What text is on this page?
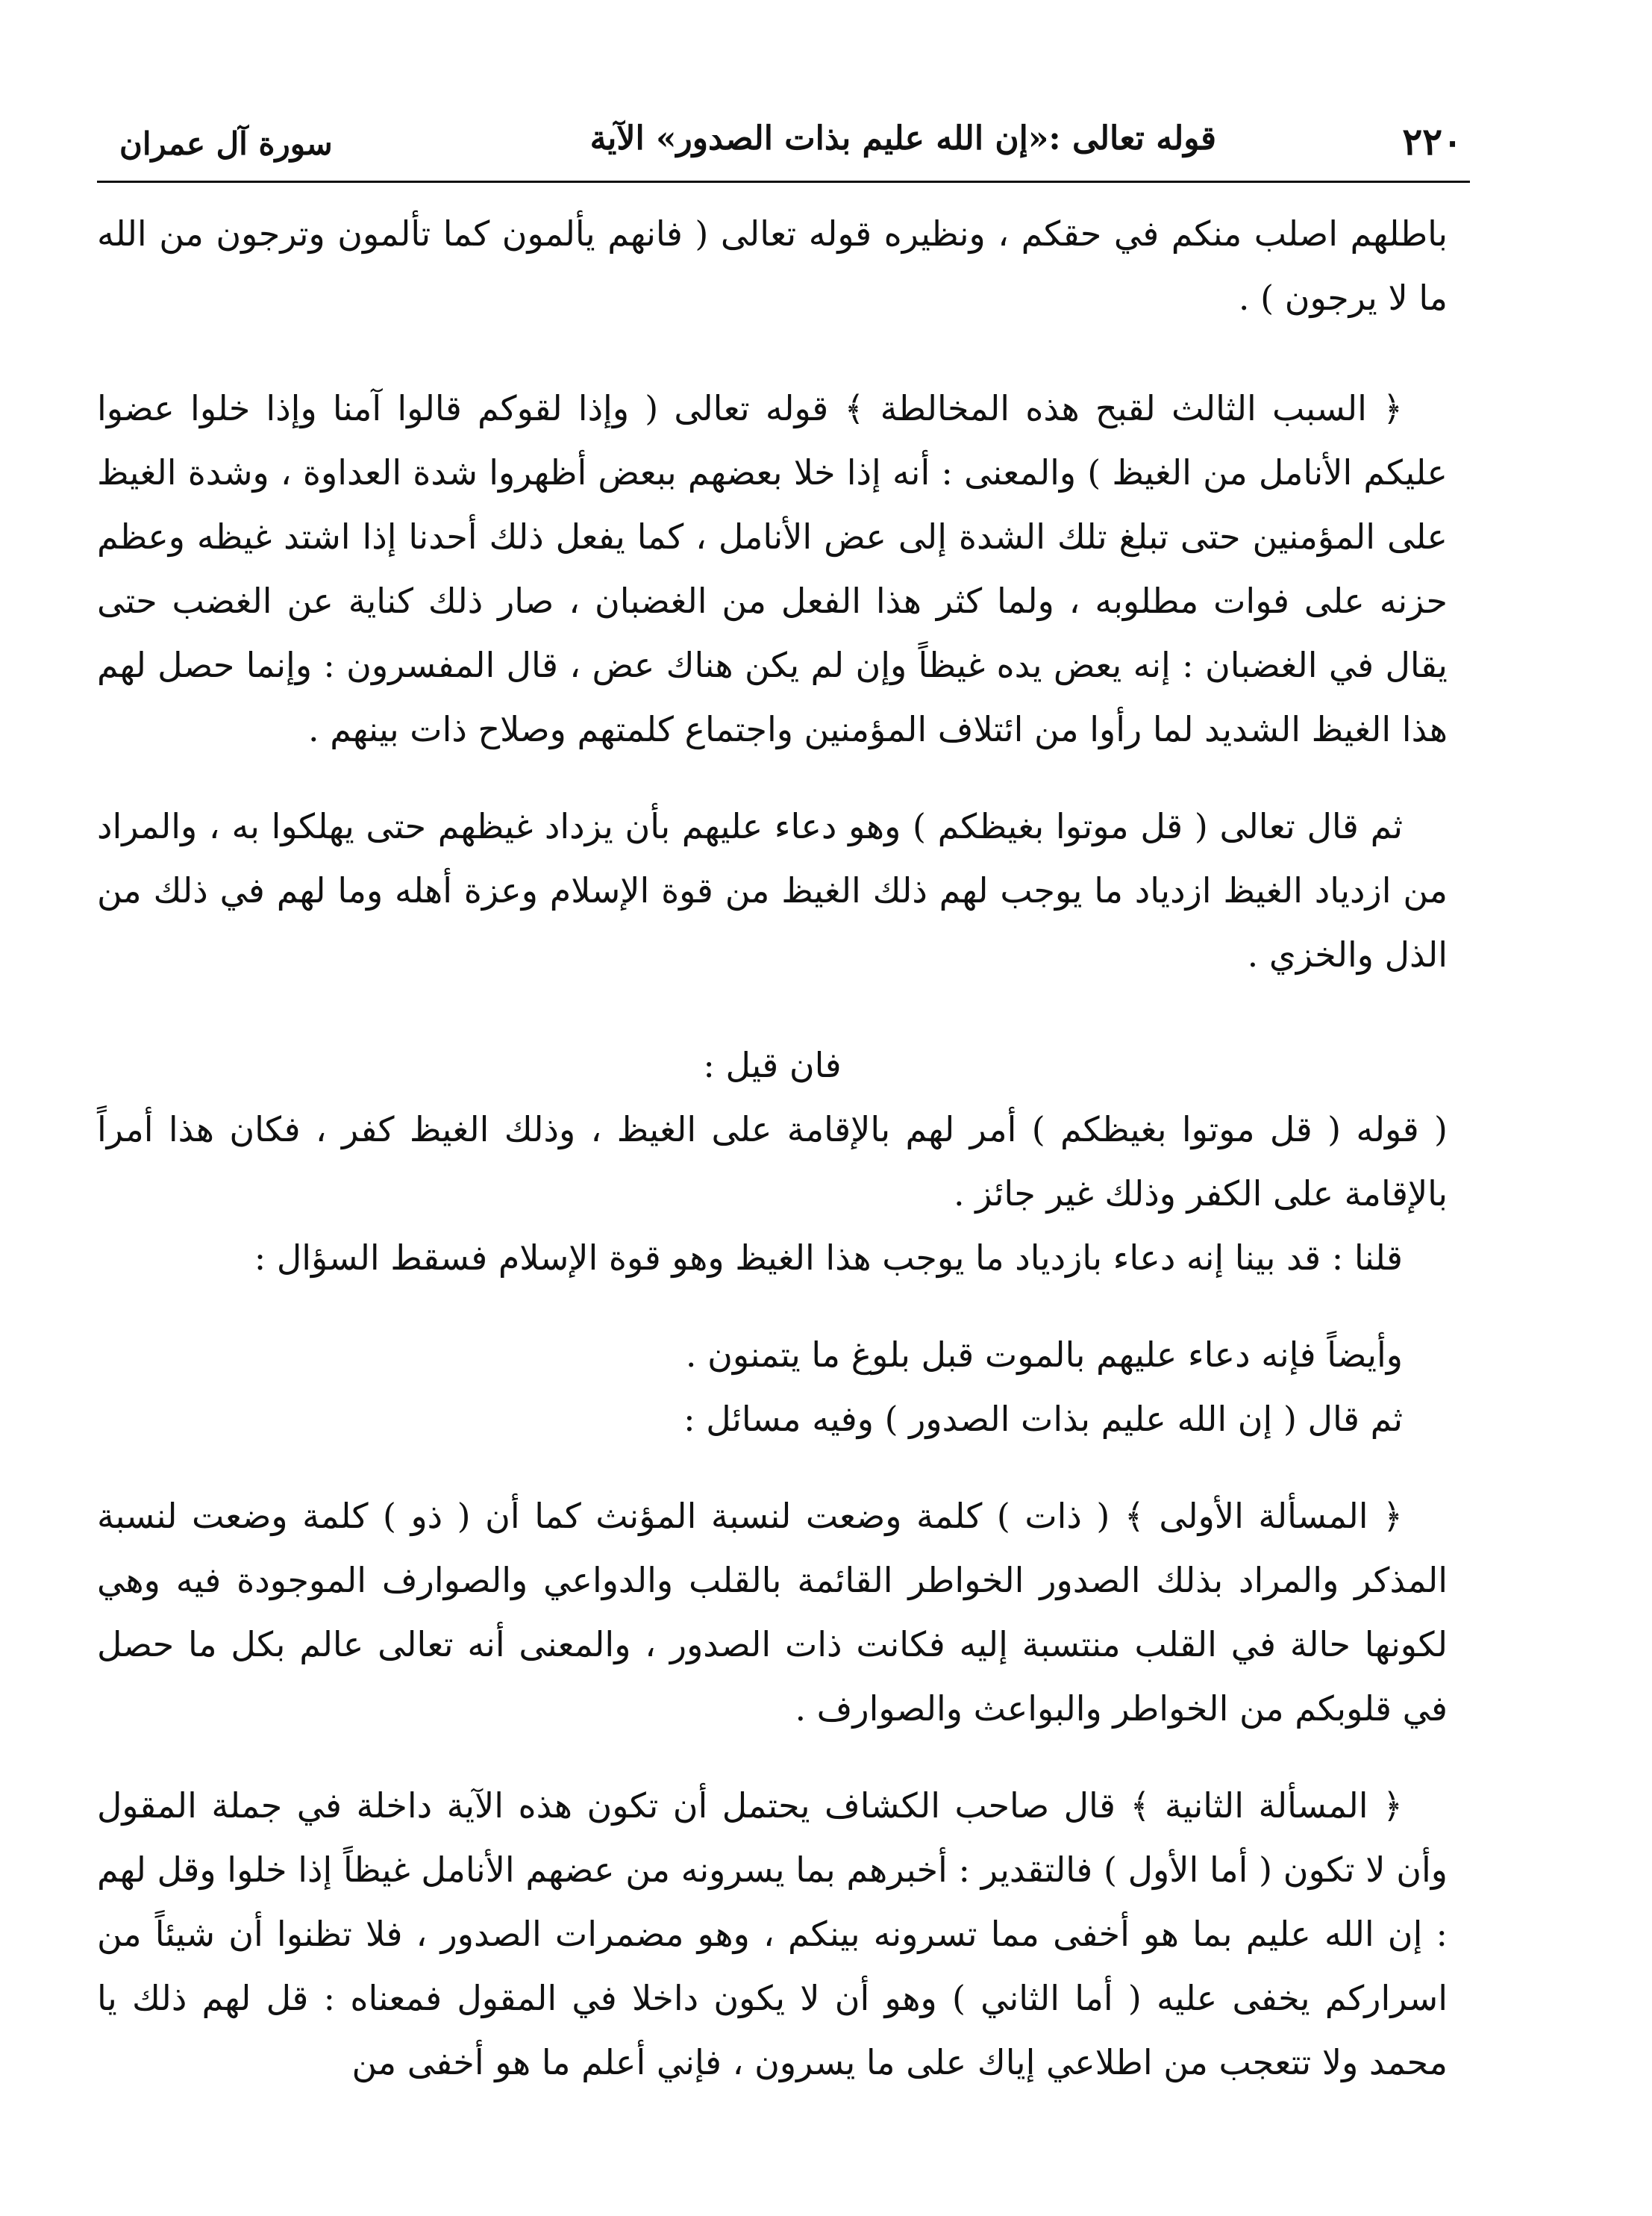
٢٢٠
قوله تعالى :«إن الله عليم بذات الصدور» الآية
سورة آل عمران

باطلهم اصلب منكم في حقكم ، ونظيره قوله تعالى ( فانهم يألمون كما تألمون وترجون من الله ما لا يرجون ) .

﴿ السبب الثالث لقبح هذه المخالطة ﴾ قوله تعالى ( وإذا لقوكم قالوا آمنا وإذا خلوا عضوا عليكم الأنامل من الغيظ ) والمعنى : أنه إذا خلا بعضهم ببعض أظهروا شدة العداوة ، وشدة الغيظ على المؤمنين حتى تبلغ تلك الشدة إلى عض الأنامل ، كما يفعل ذلك أحدنا إذا اشتد غيظه وعظم حزنه على فوات مطلوبه ، ولما كثر هذا الفعل من الغضبان ، صار ذلك كناية عن الغضب حتى يقال في الغضبان : إنه يعض يده غيظاً وإن لم يكن هناك عض ، قال المفسرون : وإنما حصل لهم هذا الغيظ الشديد لما رأوا من ائتلاف المؤمنين واجتماع كلمتهم وصلاح ذات بينهم .

ثم قال تعالى ( قل موتوا بغيظكم ) وهو دعاء عليهم بأن يزداد غيظهم حتى يهلكوا به ، والمراد من ازدياد الغيظ ازدياد ما يوجب لهم ذلك الغيظ من قوة الإسلام وعزة أهله وما لهم في ذلك من الذل والخزي .

فان قيل :

( قوله ( قل موتوا بغيظكم ) أمر لهم بالإقامة على الغيظ ، وذلك الغيظ كفر ، فكان هذا أمراً بالإقامة على الكفر وذلك غير جائز .

قلنا : قد بينا إنه دعاء بازدياد ما يوجب هذا الغيظ وهو قوة الإسلام فسقط السؤال :

وأيضاً فإنه دعاء عليهم بالموت قبل بلوغ ما يتمنون .

ثم قال ( إن الله عليم بذات الصدور ) وفيه مسائل :

﴿ المسألة الأولى ﴾ ( ذات ) كلمة وضعت لنسبة المؤنث كما أن ( ذو ) كلمة وضعت لنسبة المذكر والمراد بذلك الصدور الخواطر القائمة بالقلب والدواعي والصوارف الموجودة فيه وهي لكونها حالة في القلب منتسبة إليه فكانت ذات الصدور ، والمعنى أنه تعالى عالم بكل ما حصل في قلوبكم من الخواطر والبواعث والصوارف .

﴿ المسألة الثانية ﴾ قال صاحب الكشاف يحتمل أن تكون هذه الآية داخلة في جملة المقول وأن لا تكون ( أما الأول ) فالتقدير : أخبرهم بما يسرونه من عضهم الأنامل غيظاً إذا خلوا وقل لهم : إن الله عليم بما هو أخفى مما تسرونه بينكم ، وهو مضمرات الصدور ، فلا تظنوا أن شيئاً من اسراركم يخفى عليه ( أما الثاني ) وهو أن لا يكون داخلا في المقول فمعناه : قل لهم ذلك يا محمد ولا تتعجب من اطلاعي إياك على ما يسرون ، فإني أعلم ما هو أخفى من
